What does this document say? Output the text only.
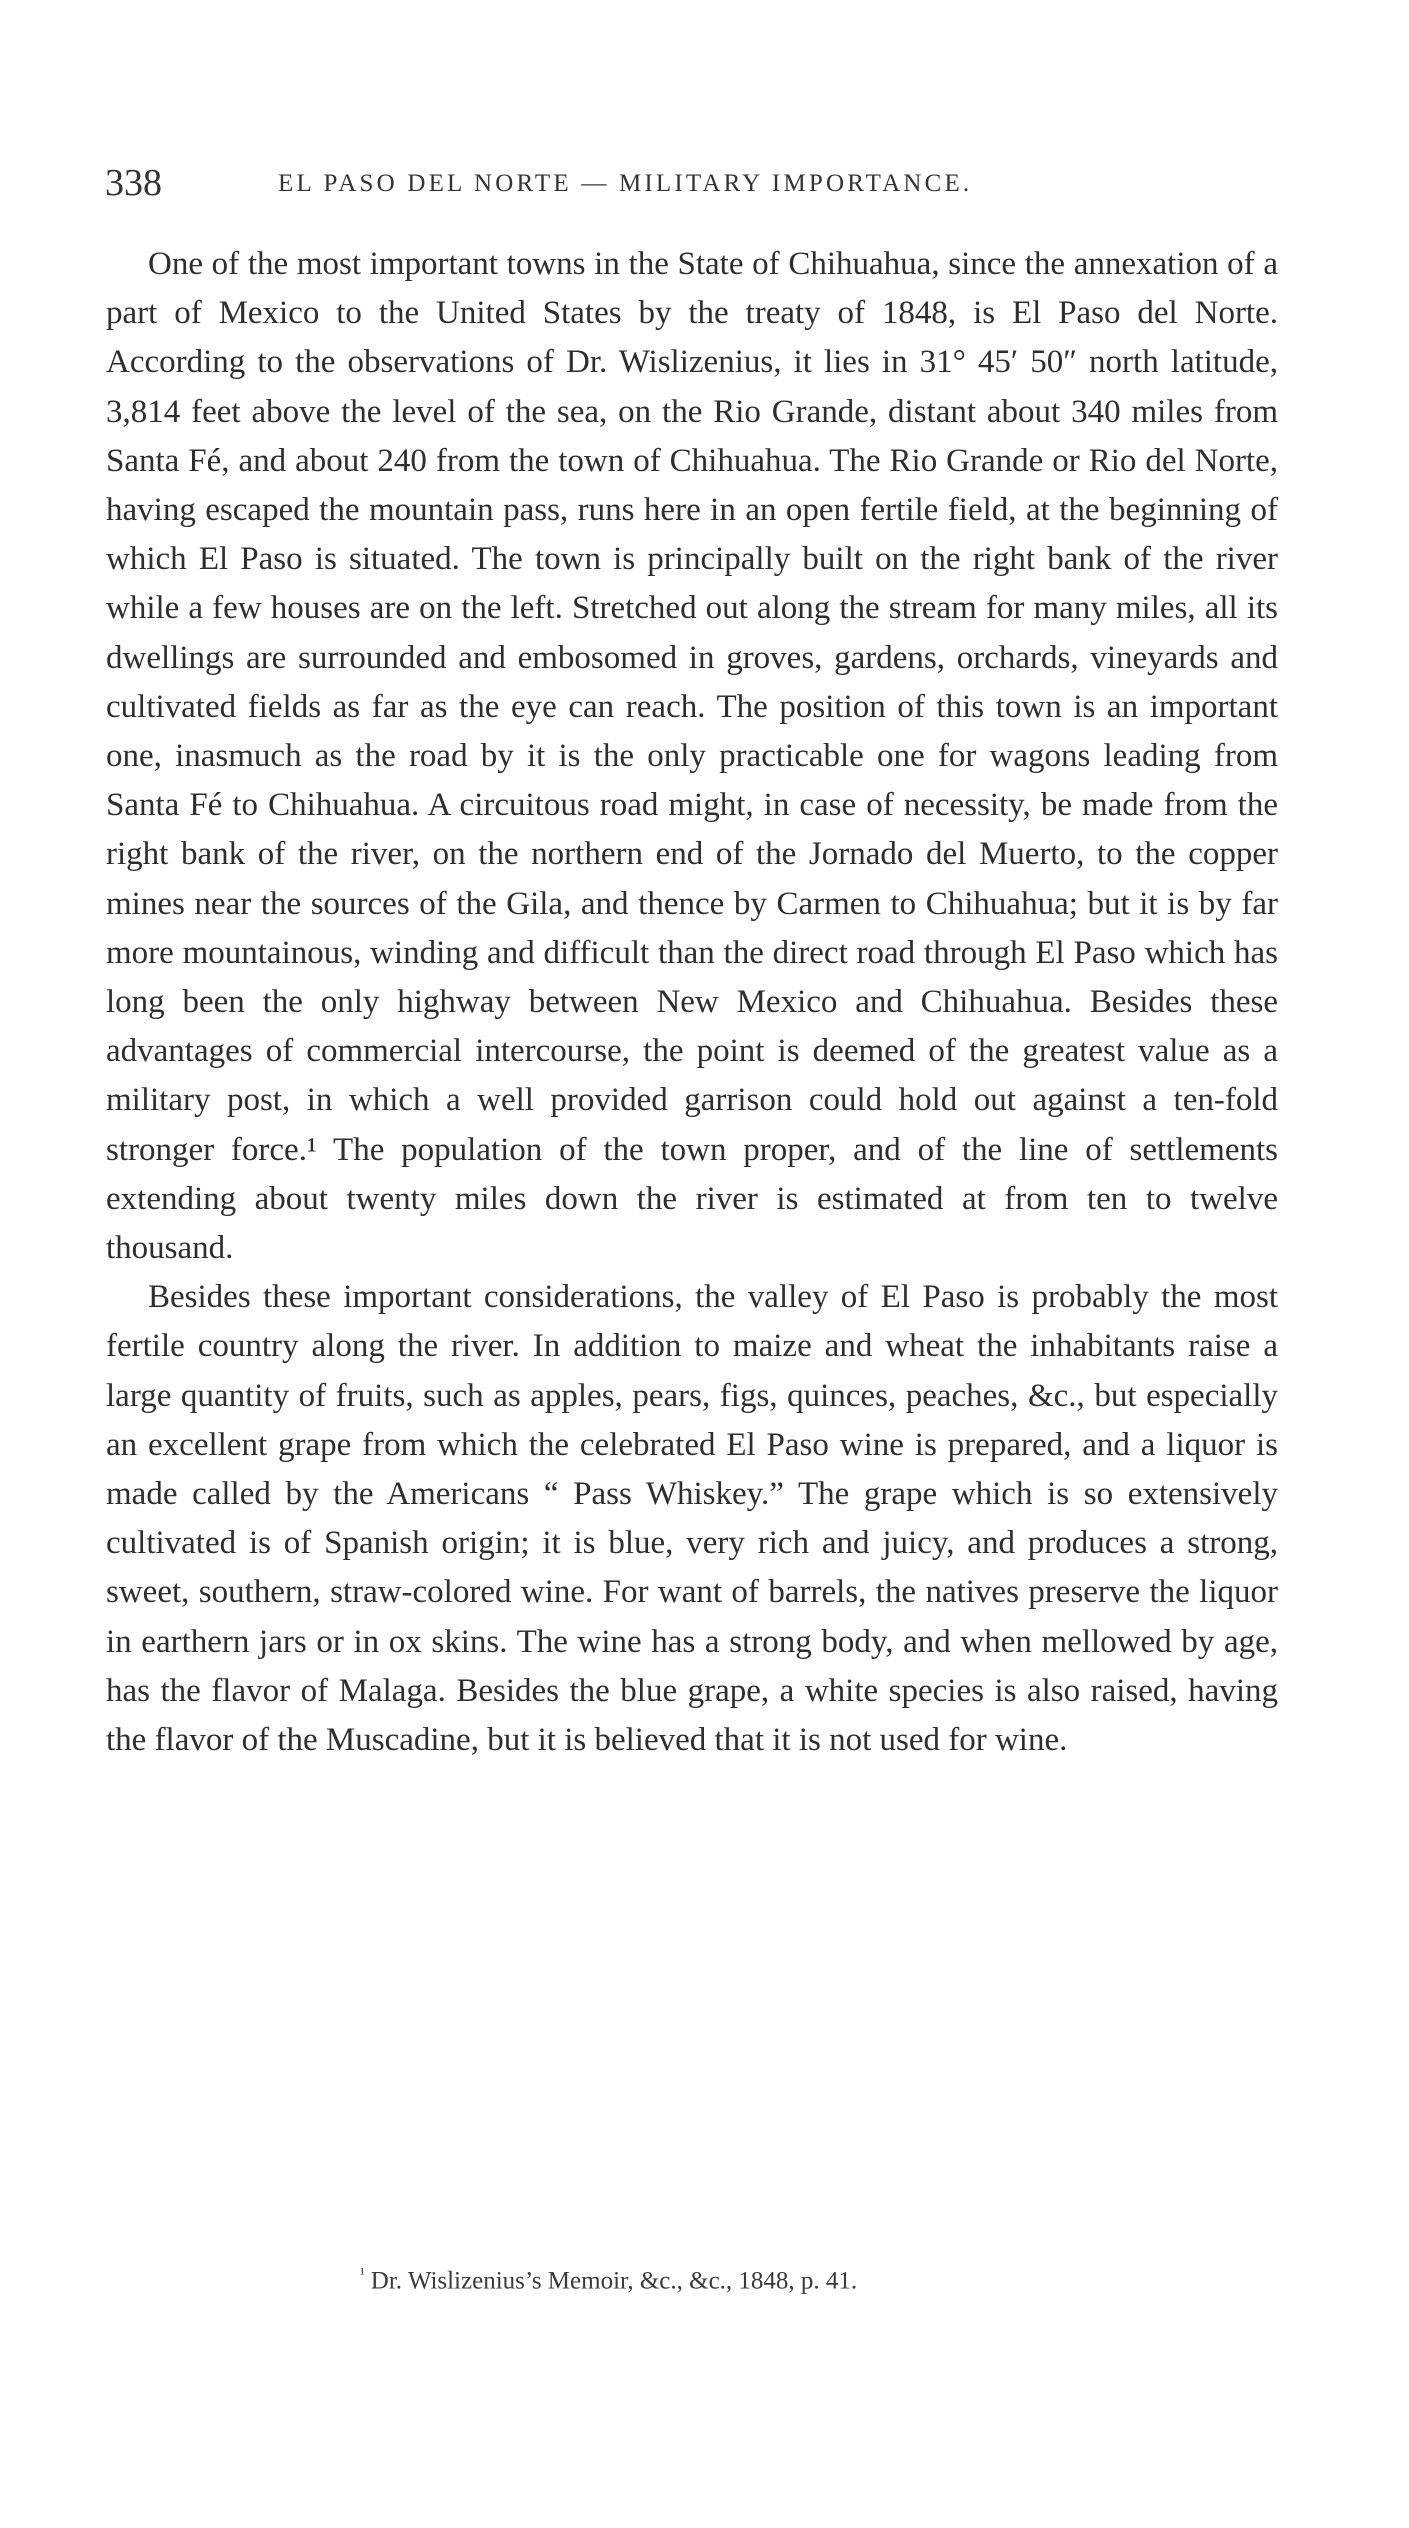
338	EL PASO DEL NORTE — MILITARY IMPORTANCE.

One of the most important towns in the State of Chihuahua, since the annexation of a part of Mexico to the United States by the treaty of 1848, is El Paso del Norte. According to the observations of Dr. Wislizenius, it lies in 31° 45′ 50″ north latitude, 3,814 feet above the level of the sea, on the Rio Grande, distant about 340 miles from Santa Fé, and about 240 from the town of Chihuahua. The Rio Grande or Rio del Norte, having escaped the mountain pass, runs here in an open fertile field, at the beginning of which El Paso is situated. The town is principally built on the right bank of the river while a few houses are on the left. Stretched out along the stream for many miles, all its dwellings are surrounded and embosomed in groves, gardens, orchards, vineyards and cultivated fields as far as the eye can reach. The position of this town is an important one, inasmuch as the road by it is the only practicable one for wagons leading from Santa Fé to Chihuahua. A circuitous road might, in case of necessity, be made from the right bank of the river, on the northern end of the Jornado del Muerto, to the copper mines near the sources of the Gila, and thence by Carmen to Chihuahua; but it is by far more mountainous, winding and difficult than the direct road through El Paso which has long been the only highway between New Mexico and Chihuahua. Besides these advantages of commercial intercourse, the point is deemed of the greatest value as a military post, in which a well provided garrison could hold out against a ten-fold stronger force.¹ The population of the town proper, and of the line of settlements extending about twenty miles down the river is estimated at from ten to twelve thousand.

Besides these important considerations, the valley of El Paso is probably the most fertile country along the river. In addition to maize and wheat the inhabitants raise a large quantity of fruits, such as apples, pears, figs, quinces, peaches, &c., but especially an excellent grape from which the celebrated El Paso wine is prepared, and a liquor is made called by the Americans “ Pass Whiskey.” The grape which is so extensively cultivated is of Spanish origin; it is blue, very rich and juicy, and produces a strong, sweet, southern, straw-colored wine. For want of barrels, the natives preserve the liquor in earthern jars or in ox skins. The wine has a strong body, and when mellowed by age, has the flavor of Malaga. Besides the blue grape, a white species is also raised, having the flavor of the Muscadine, but it is believed that it is not used for wine.

$^{^1}$ Dr. Wislizenius’s Memoir, &c., &c., 1848, p. 41.
